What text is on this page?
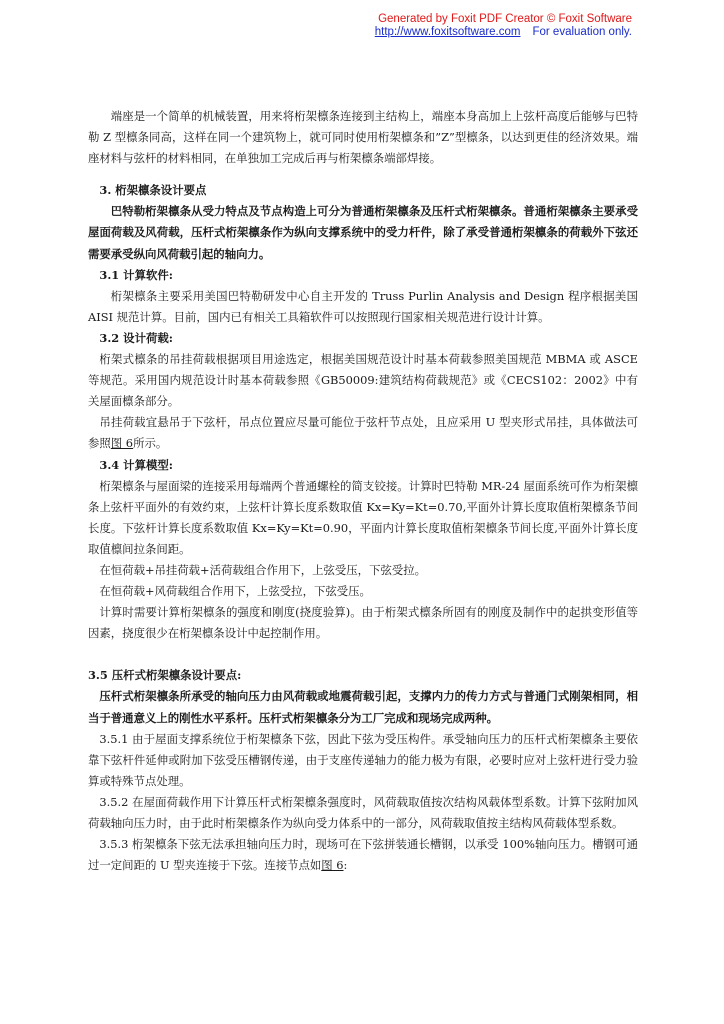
Generated by Foxit PDF Creator © Foxit Software
http://www.foxitsoftware.com For evaluation only.

端座是一个简单的机械装置，用来将桁架檩条连接到主结构上，端座本身高加上上弦杆高度后能够与巴特勒 Z 型檩条同高，这样在同一个建筑物上，就可同时使用桁架檩条和”Z”型檩条，以达到更佳的经济效果。端座材料与弦杆的材料相同，在单独加工完成后再与桁架檩条端部焊接。

3. 桁架檩条设计要点

巴特勒桁架檩条从受力特点及节点构造上可分为普通桁架檩条及压杆式桁架檩条。普通桁架檩条主要承受屋面荷载及风荷载，压杆式桁架檩条作为纵向支撑系统中的受力杆件，除了承受普通桁架檩条的荷载外下弦还需要承受纵向风荷载引起的轴向力。

3.1 计算软件:

桁架檩条主要采用美国巴特勒研发中心自主开发的 Truss Purlin Analysis and Design 程序根据美国 AISI 规范计算。目前，国内已有相关工具箱软件可以按照现行国家相关规范进行设计计算。

3.2 设计荷载:

桁架式檩条的吊挂荷载根据项目用途选定，根据美国规范设计时基本荷载参照美国规范 MBMA 或 ASCE 等规范。采用国内规范设计时基本荷载参照《GB50009:建筑结构荷载规范》或《CECS102：2002》中有关屋面檩条部分。

吊挂荷载宜悬吊于下弦杆，吊点位置应尽量可能位于弦杆节点处，且应采用 U 型夹形式吊挂，具体做法可参照图 6所示。

3.4 计算模型:

桁架檩条与屋面梁的连接采用每端两个普通螺栓的简支铰接。计算时巴特勒 MR-24 屋面系统可作为桁架檩条上弦杆平面外的有效约束，上弦杆计算长度系数取值 Kx=Ky=Kt=0.70,平面外计算长度取值桁架檩条节间长度。下弦杆计算长度系数取值 Kx=Ky=Kt=0.90，平面内计算长度取值桁架檩条节间长度,平面外计算长度取值檩间拉条间距。

在恒荷载+吊挂荷载+活荷载组合作用下，上弦受压，下弦受拉。

在恒荷载+风荷载组合作用下，上弦受拉，下弦受压。

计算时需要计算桁架檩条的强度和刚度(挠度验算)。由于桁架式檩条所固有的刚度及制作中的起拱变形值等因素，挠度很少在桁架檩条设计中起控制作用。

3.5 压杆式桁架檩条设计要点:

压杆式桁架檩条所承受的轴向压力由风荷载或地震荷载引起，支撑内力的传力方式与普通门式刚架相同，相当于普通意义上的刚性水平系杆。压杆式桁架檩条分为工厂完成和现场完成两种。

3.5.1 由于屋面支撑系统位于桁架檩条下弦，因此下弦为受压构件。承受轴向压力的压杆式桁架檩条主要依靠下弦杆件延伸或附加下弦受压槽钢传递，由于支座传递轴力的能力极为有限，必要时应对上弦杆进行受力验算或特殊节点处理。

3.5.2 在屋面荷载作用下计算压杆式桁架檩条强度时，风荷载取值按次结构风载体型系数。计算下弦附加风荷载轴向压力时，由于此时桁架檩条作为纵向受力体系中的一部分，风荷载取值按主结构风荷载体型系数。

3.5.3 桁架檩条下弦无法承担轴向压力时，现场可在下弦拼装通长槽钢，以承受 100%轴向压力。槽钢可通过一定间距的 U 型夹连接于下弦。连接节点如图 6:
